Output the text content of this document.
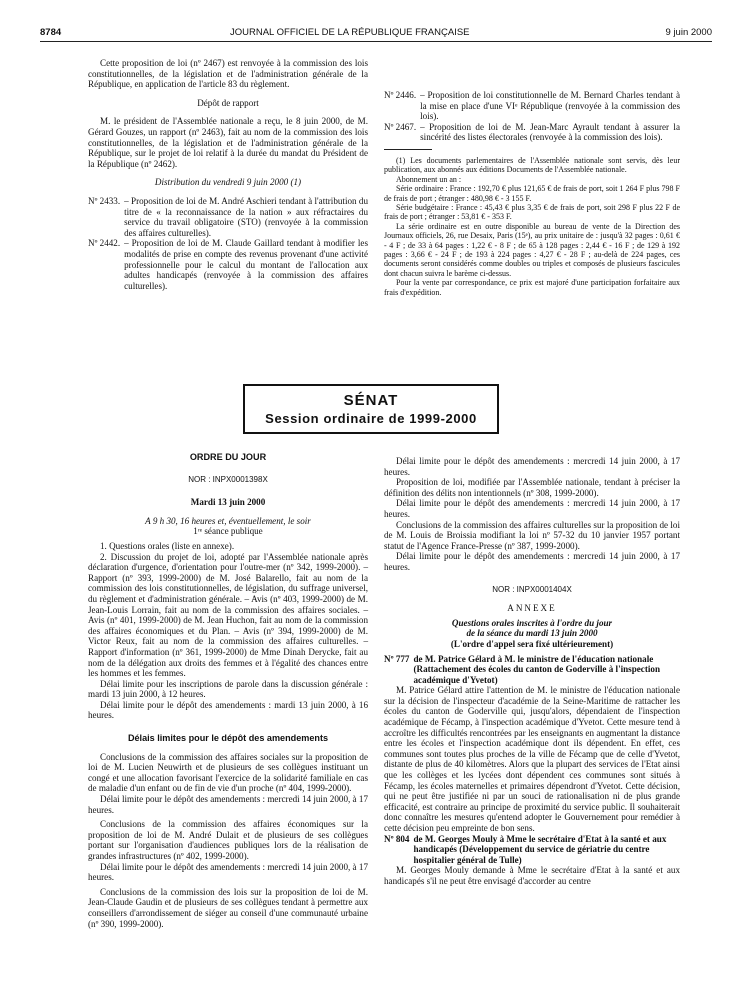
8784	JOURNAL OFFICIEL DE LA RÉPUBLIQUE FRANÇAISE	9 juin 2000

Cette proposition de loi (nº 2467) est renvoyée à la commission des lois constitutionnelles, de la législation et de l'administration générale de la République, en application de l'article 83 du règlement.

Dépôt de rapport

M. le président de l'Assemblée nationale a reçu, le 8 juin 2000, de M. Gérard Gouzes, un rapport (nº 2463), fait au nom de la commission des lois constitutionnelles, de la législation et de l'administration générale de la République, sur le projet de loi relatif à la durée du mandat du Président de la République (nº 2462).

Distribution du vendredi 9 juin 2000 (1)

Nº 2433. – Proposition de loi de M. André Aschieri tendant à l'attribution du titre de « la reconnaissance de la nation » aux réfractaires du service du travail obligatoire (STO) (renvoyée à la commission des affaires culturelles).
Nº 2442. – Proposition de loi de M. Claude Gaillard tendant à modifier les modalités de prise en compte des revenus provenant d'une activité professionnelle pour le calcul du montant de l'allocation aux adultes handicapés (renvoyée à la commission des affaires culturelles).
Nº 2446. – Proposition de loi constitutionnelle de M. Bernard Charles tendant à la mise en place d'une VIᵉ République (renvoyée à la commission des lois).
Nº 2467. – Proposition de loi de M. Jean-Marc Ayrault tendant à assurer la sincérité des listes électorales (renvoyée à la commission des lois).

(1) Les documents parlementaires de l'Assemblée nationale sont servis, dès leur publication, aux abonnés aux éditions Documents de l'Assemblée nationale.

Abonnement un an :

Série ordinaire : France : 192,70 € plus 121,65 € de frais de port, soit 1 264 F plus 798 F de frais de port ; étranger : 480,98 € - 3 155 F.

Série budgétaire : France : 45,43 € plus 3,35 € de frais de port, soit 298 F plus 22 F de frais de port ; étranger : 53,81 € - 353 F.

La série ordinaire est en outre disponible au bureau de vente de la Direction des Journaux officiels, 26, rue Desaix, Paris (15ᵉ), au prix unitaire de : jusqu'à 32 pages : 0,61 € - 4 F ; de 33 à 64 pages : 1,22 € - 8 F ; de 65 à 128 pages : 2,44 € - 16 F ; de 129 à 192 pages : 3,66 € - 24 F ; de 193 à 224 pages : 4,27 € - 28 F ; au-delà de 224 pages, ces documents seront considérés comme doubles ou triples et composés de plusieurs fascicules dont chacun suivra le barème ci-dessus.

Pour la vente par correspondance, ce prix est majoré d'une participation forfaitaire aux frais d'expédition.

SÉNAT
Session ordinaire de 1999-2000

ORDRE DU JOUR

NOR : INPX0001398X

Mardi 13 juin 2000

A 9 h 30, 16 heures et, éventuellement, le soir

1ʳᵉ séance publique

1. Questions orales (liste en annexe).

2. Discussion du projet de loi, adopté par l'Assemblée nationale après déclaration d'urgence, d'orientation pour l'outre-mer (nº 342, 1999-2000). – Rapport (nº 393, 1999-2000) de M. José Balarello, fait au nom de la commission des lois constitutionnelles, de législation, du suffrage universel, du règlement et d'administration générale. – Avis (nº 403, 1999-2000) de M. Jean-Louis Lorrain, fait au nom de la commission des affaires sociales. – Avis (nº 401, 1999-2000) de M. Jean Huchon, fait au nom de la commission des affaires économiques et du Plan. – Avis (nº 394, 1999-2000) de M. Victor Reux, fait au nom de la commission des affaires culturelles. – Rapport d'information (nº 361, 1999-2000) de Mme Dinah Derycke, fait au nom de la délégation aux droits des femmes et à l'égalité des chances entre les hommes et les femmes.

Délai limite pour les inscriptions de parole dans la discussion générale : mardi 13 juin 2000, à 12 heures.

Délai limite pour le dépôt des amendements : mardi 13 juin 2000, à 16 heures.

Délais limites pour le dépôt des amendements

Conclusions de la commission des affaires sociales sur la proposition de loi de M. Lucien Neuwirth et de plusieurs de ses collègues instituant un congé et une allocation favorisant l'exercice de la solidarité familiale en cas de maladie d'un enfant ou de fin de vie d'un proche (nº 404, 1999-2000).

Délai limite pour le dépôt des amendements : mercredi 14 juin 2000, à 17 heures.

Conclusions de la commission des affaires économiques sur la proposition de loi de M. André Dulait et de plusieurs de ses collègues portant sur l'organisation d'audiences publiques lors de la réalisation de grandes infrastructures (nº 402, 1999-2000).

Délai limite pour le dépôt des amendements : mercredi 14 juin 2000, à 17 heures.

Conclusions de la commission des lois sur la proposition de loi de M. Jean-Claude Gaudin et de plusieurs de ses collègues tendant à permettre aux conseillers d'arrondissement de siéger au conseil d'une communauté urbaine (nº 390, 1999-2000).

Délai limite pour le dépôt des amendements : mercredi 14 juin 2000, à 17 heures.

Proposition de loi, modifiée par l'Assemblée nationale, tendant à préciser la définition des délits non intentionnels (nº 308, 1999-2000).

Délai limite pour le dépôt des amendements : mercredi 14 juin 2000, à 17 heures.

Conclusions de la commission des affaires culturelles sur la proposition de loi de M. Louis de Broissia modifiant la loi nº 57-32 du 10 janvier 1957 portant statut de l'Agence France-Presse (nº 387, 1999-2000).

Délai limite pour le dépôt des amendements : mercredi 14 juin 2000, à 17 heures.

NOR : INPX0001404X

ANNEXE

Questions orales inscrites à l'ordre du jour

de la séance du mardi 13 juin 2000

(L'ordre d'appel sera fixé ultérieurement)

Nº 777 de M. Patrice Gélard à M. le ministre de l'éducation nationale (Rattachement des écoles du canton de Goderville à l'inspection académique d'Yvetot)

M. Patrice Gélard attire l'attention de M. le ministre de l'éducation nationale sur la décision de l'inspecteur d'académie de la Seine-Maritime de rattacher les écoles du canton de Goderville qui, jusqu'alors, dépendaient de l'inspection académique de Fécamp, à l'inspection académique d'Yvetot. Cette mesure tend à accroître les difficultés rencontrées par les enseignants en augmentant la distance entre les écoles et l'inspection académique dont ils dépendent. En effet, ces communes sont toutes plus proches de la ville de Fécamp que de celle d'Yvetot, distante de plus de 40 kilomètres. Alors que la plupart des services de l'Etat ainsi que les collèges et les lycées dont dépendent ces communes sont situés à Fécamp, les écoles maternelles et primaires dépendront d'Yvetot. Cette décision, qui ne peut être justifiée ni par un souci de rationalisation ni de plus grande efficacité, est contraire au principe de proximité du service public. Il souhaiterait donc connaître les mesures qu'entend adopter le Gouvernement pour remédier à cette décision peu empreinte de bon sens.

Nº 804 de M. Georges Mouly à Mme le secrétaire d'Etat à la santé et aux handicapés (Développement du service de gériatrie du centre hospitalier général de Tulle)

M. Georges Mouly demande à Mme le secrétaire d'Etat à la santé et aux handicapés s'il ne peut être envisagé d'accorder au centre
